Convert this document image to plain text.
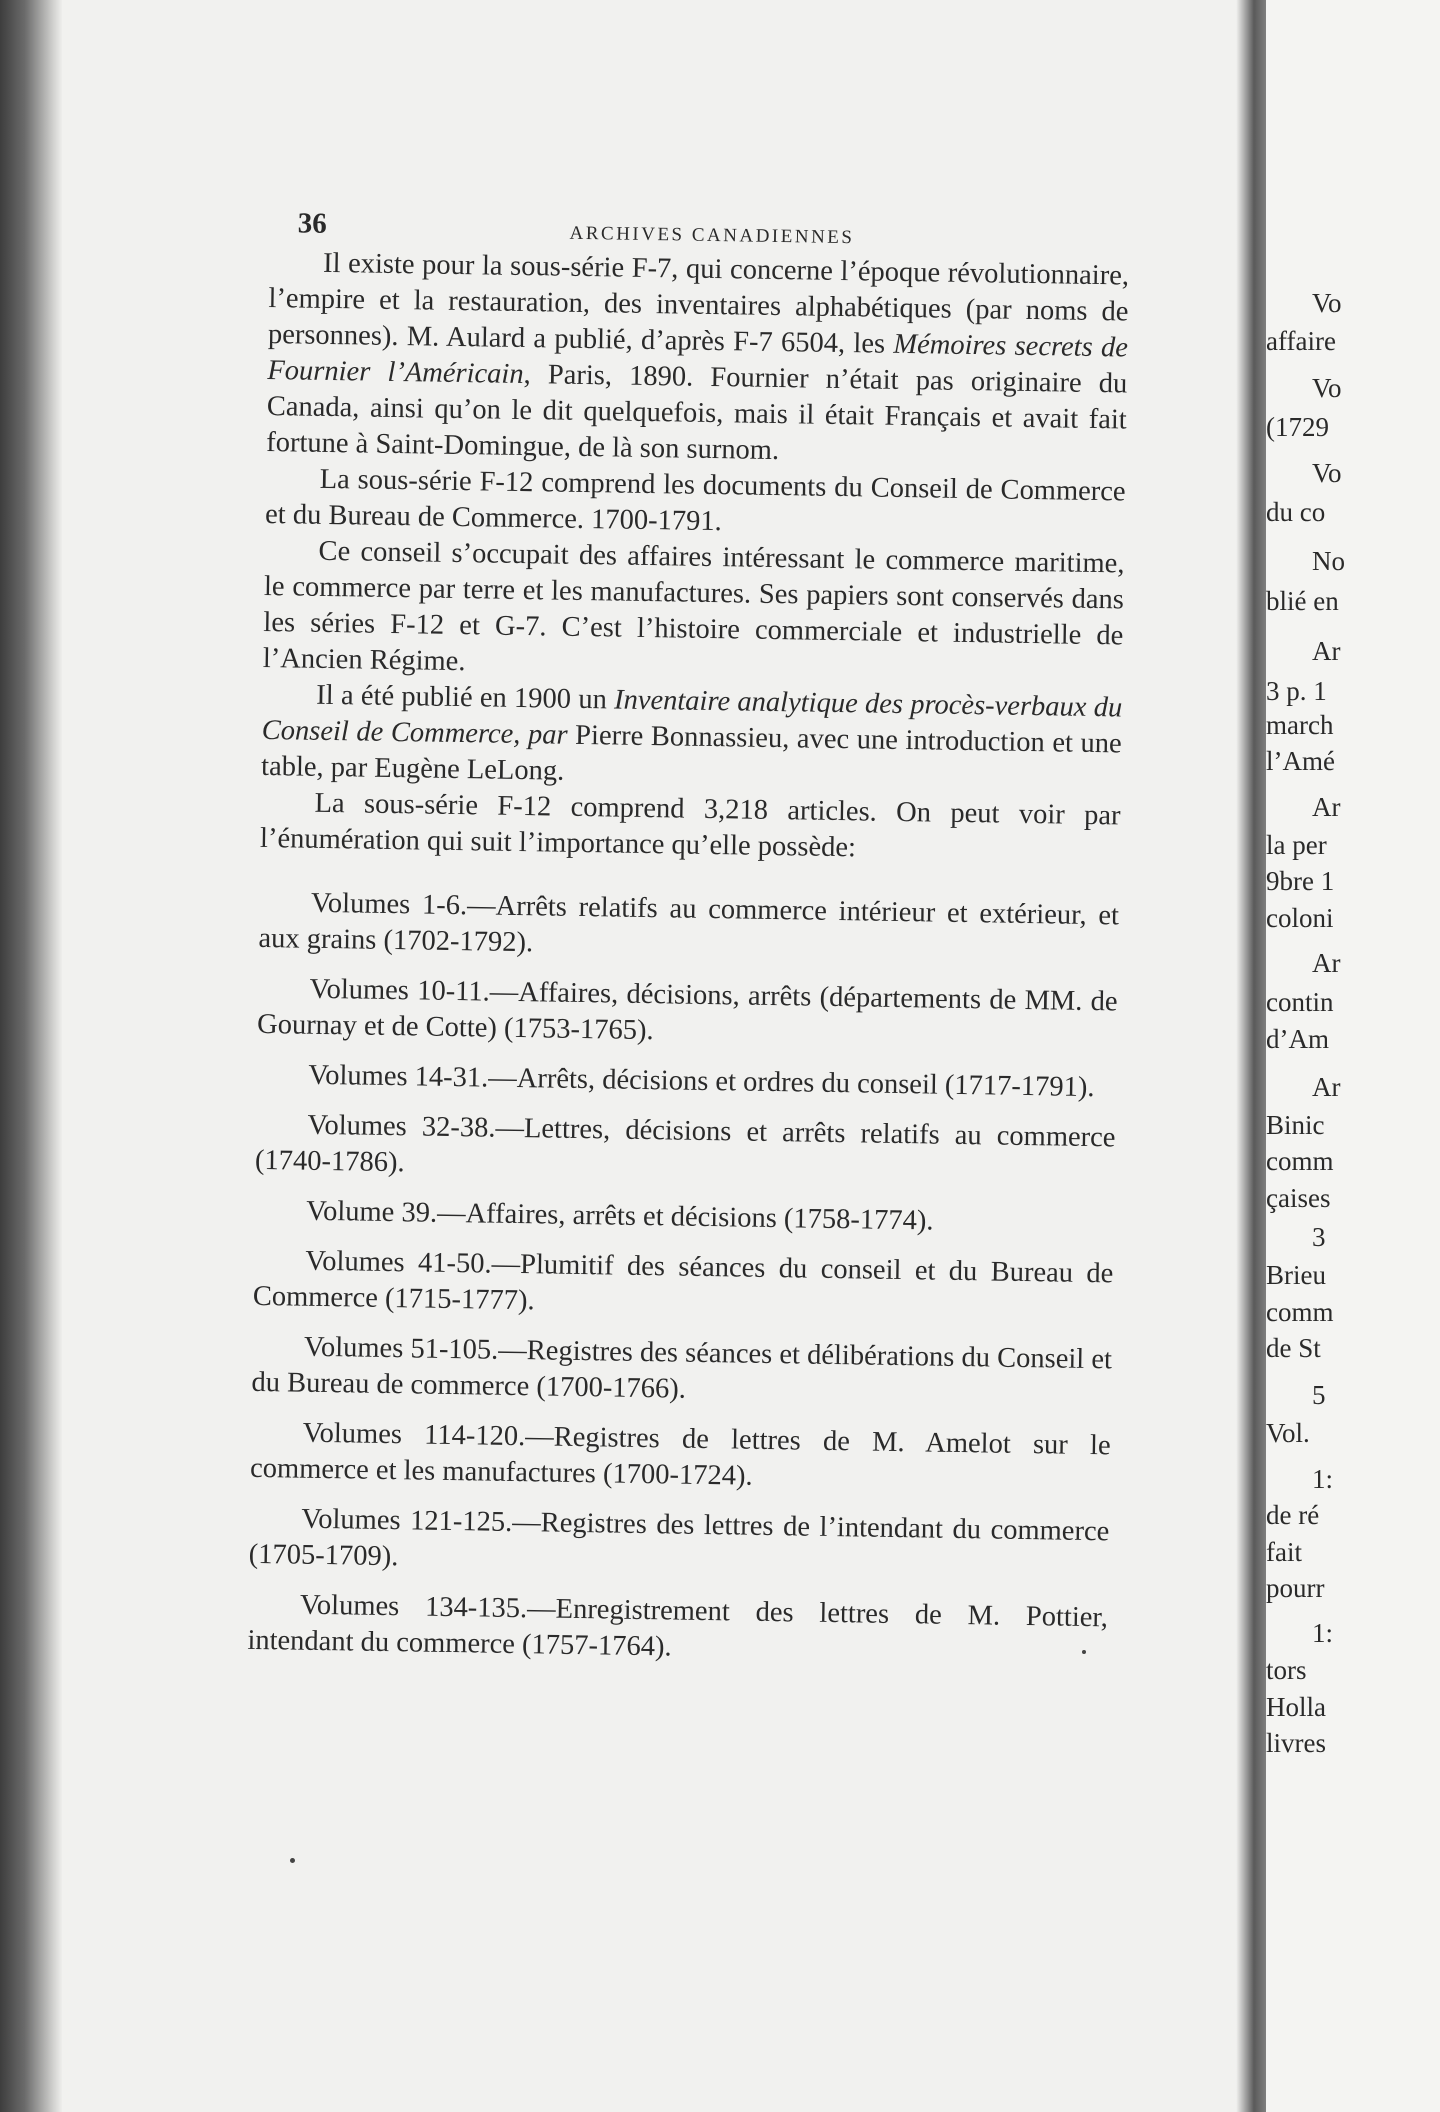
36	ARCHIVES CANADIENNES

Il existe pour la sous-série F-7, qui concerne l’époque révolutionnaire, l’empire et la restauration, des inventaires alphabétiques (par noms de personnes). M. Aulard a publié, d’après F-7 6504, les Mémoires secrets de Fournier l’Américain, Paris, 1890. Fournier n’était pas originaire du Canada, ainsi qu’on le dit quelquefois, mais il était Français et avait fait fortune à Saint-Domingue, de là son surnom.

La sous-série F-12 comprend les documents du Conseil de Commerce et du Bureau de Commerce. 1700-1791.

Ce conseil s’occupait des affaires intéressant le commerce maritime, le commerce par terre et les manufactures. Ses papiers sont conservés dans les séries F-12 et G-7. C’est l’histoire commerciale et industrielle de l’Ancien Régime.

Il a été publié en 1900 un Inventaire analytique des procès-verbaux du Conseil de Commerce, par Pierre Bonnassieu, avec une introduction et une table, par Eugène LeLong.

La sous-série F-12 comprend 3,218 articles. On peut voir par l’énumération qui suit l’importance qu’elle possède:

Volumes 1-6.—Arrêts relatifs au commerce intérieur et extérieur, et aux grains (1702-1792).

Volumes 10-11.—Affaires, décisions, arrêts (départements de MM. de Gournay et de Cotte) (1753-1765).

Volumes 14-31.—Arrêts, décisions et ordres du conseil (1717-1791).

Volumes 32-38.—Lettres, décisions et arrêts relatifs au commerce (1740-1786).

Volume 39.—Affaires, arrêts et décisions (1758-1774).

Volumes 41-50.—Plumitif des séances du conseil et du Bureau de Commerce (1715-1777).

Volumes 51-105.—Registres des séances et délibérations du Conseil et du Bureau de commerce (1700-1766).

Volumes 114-120.—Registres de lettres de M. Amelot sur le commerce et les manufactures (1700-1724).

Volumes 121-125.—Registres des lettres de l’intendant du commerce (1705-1709).

Volumes 134-135.—Enregistrement des lettres de M. Pottier, intendant du commerce (1757-1764).

Vo
affaire
Vo
(1729
Vo
du co
No
blié en
Ar
3 p. 1
march
l’Amé
Ar
la per
9bre 1
coloni
Ar
contin
d’Am
Ar
Binic
comm
çaises
3
Brieu
comm
de St
5
Vol.
1:
de ré
fait
pourr
1:
tors
Holla
livres
